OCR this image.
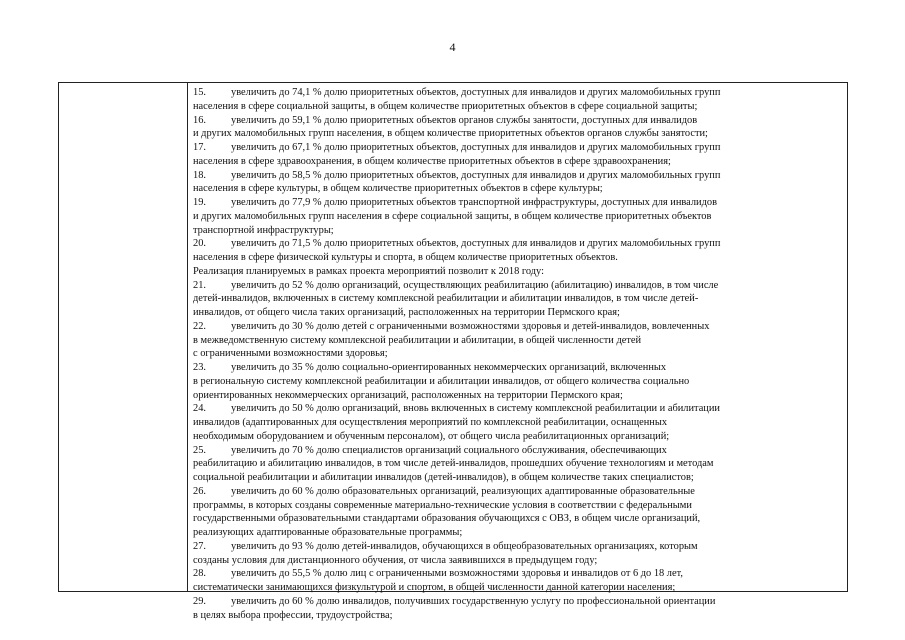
4
15. увеличить до 74,1 % долю приоритетных объектов, доступных для инвалидов и других маломобильных групп
населения в сфере социальной защиты, в общем количестве приоритетных объектов в сфере социальной защиты;
16. увеличить до 59,1 % долю приоритетных объектов органов службы занятости, доступных для инвалидов
и других маломобильных групп населения, в общем количестве приоритетных объектов органов службы занятости;
17. увеличить до 67,1 % долю приоритетных объектов, доступных для инвалидов и других маломобильных групп
населения в сфере здравоохранения, в общем количестве приоритетных объектов в сфере здравоохранения;
18. увеличить до 58,5 % долю приоритетных объектов, доступных для инвалидов и других маломобильных групп
населения в сфере культуры, в общем количестве приоритетных объектов в сфере культуры;
19. увеличить до 77,9 % долю приоритетных объектов транспортной инфраструктуры, доступных для инвалидов
и других маломобильных групп населения в сфере социальной защиты, в общем количестве приоритетных объектов
транспортной инфраструктуры;
20. увеличить до 71,5 % долю приоритетных объектов, доступных для инвалидов и других маломобильных групп
населения в сфере физической культуры и спорта, в общем количестве приоритетных объектов.
Реализация планируемых в рамках проекта мероприятий позволит к 2018 году:
21. увеличить до 52 % долю организаций, осуществляющих реабилитацию (абилитацию) инвалидов, в том числе
детей-инвалидов, включенных в систему комплексной реабилитации и абилитации инвалидов, в том числе детей-
инвалидов, от общего числа таких организаций, расположенных на территории Пермского края;
22. увеличить до 30 % долю детей с ограниченными возможностями здоровья и детей-инвалидов, вовлеченных
в межведомственную систему комплексной реабилитации и абилитации, в общей численности детей
с ограниченными возможностями здоровья;
23. увеличить до 35 % долю социально-ориентированных некоммерческих организаций, включенных
в региональную систему комплексной реабилитации и абилитации инвалидов, от общего количества социально
ориентированных некоммерческих организаций, расположенных на территории Пермского края;
24. увеличить до 50 % долю организаций, вновь включенных в систему комплексной реабилитации и абилитации
инвалидов (адаптированных для осуществления мероприятий по комплексной реабилитации, оснащенных
необходимым оборудованием и обученным персоналом), от общего числа реабилитационных организаций;
25. увеличить до 70 % долю специалистов организаций социального обслуживания, обеспечивающих
реабилитацию и абилитацию инвалидов, в том числе детей-инвалидов, прошедших обучение технологиям и методам
социальной реабилитации и абилитации инвалидов (детей-инвалидов), в общем количестве таких специалистов;
26. увеличить до 60 % долю образовательных организаций, реализующих адаптированные образовательные
программы, в которых созданы современные материально-технические условия в соответствии с федеральными
государственными образовательными стандартами образования обучающихся с ОВЗ, в общем числе организаций,
реализующих адаптированные образовательные программы;
27. увеличить до 93 % долю детей-инвалидов, обучающихся в общеобразовательных организациях, которым
созданы условия для дистанционного обучения, от числа заявившихся в предыдущем году;
28. увеличить до 55,5 % долю лиц с ограниченными возможностями здоровья и инвалидов от 6 до 18 лет,
систематически занимающихся физкультурой и спортом, в общей численности данной категории населения;
29. увеличить до 60 % долю инвалидов, получивших государственную услугу по профессиональной ориентации
в целях выбора профессии, трудоустройства;
